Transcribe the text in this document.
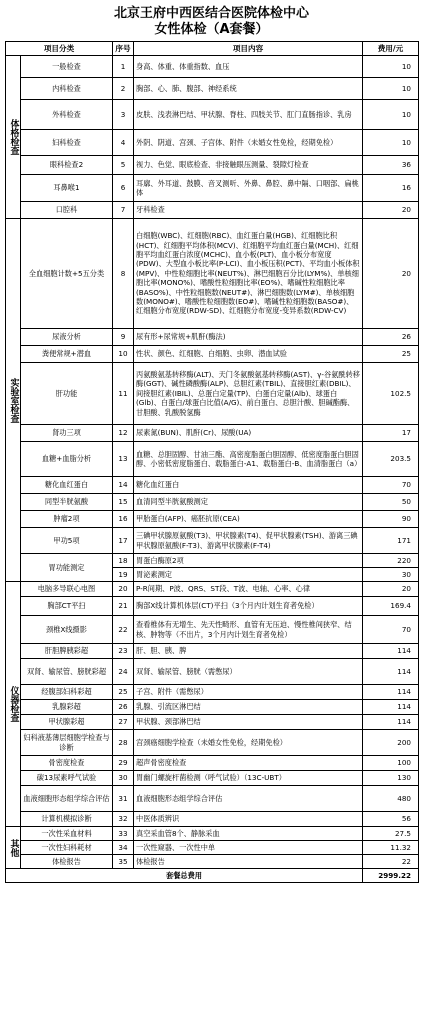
北京王府中西医结合医院体检中心
女性体检（A套餐）
项目分类		序号	项目内容	费用/元
体格检查	一般检查	1	身高、体重、体重指数、血压	10
	内科检查	2	胸部、心、肺、腹部、神经系统	10
	外科检查	3	皮肤、浅表淋巴结、甲状腺、脊柱、四肢关节、肛门直肠指诊、乳房	10
	妇科检查	4	外阴、阴道、宫颈、子宫体、附件（未婚女性免检，经期免检）	10
	眼科检查2	5	视力、色觉、眼底检查、非接触眼压测量、裂隙灯检查	36
	耳鼻喉1	6	耳廓、外耳道、鼓膜、音叉测听、外鼻、鼻腔、鼻中隔、口咽部、扁桃体	16
	口腔科	7	牙科检查	20
实验室检查	全血细胞计数+5五分类	8	白细胞(WBC)、红细胞(RBC)、血红蛋白量(HGB)、红细胞比积(HCT)、红细胞平均体积(MCV)、红细胞平均血红蛋白量(MCH)、红细胞平均血红蛋白浓度(MCHC)、血小板(PLT)、血小板分布宽度(PDW)、大型血小板比率(P-LCI)、血小板压积(PCT)、平均血小板体积(MPV)、中性粒细胞比率(NEUT%)、淋巴细胞百分比(LYM%)、单核细胞比率(MONO%)、嗜酸性粒细胞比率(EO%)、嗜碱性粒细胞比率(BASO%)、中性粒细胞数(NEUT#)、淋巴细胞数(LYM#)、单核细胞数(MONO#)、嗜酸性粒细胞数(EO#)、嗜碱性粒细胞数(BASO#)、红细胞分布宽度(RDW-SD)、红细胞分布宽度-变异系数(RDW-CV)	20
	尿液分析	9	尿有形+尿常规+肌酐(酶法)	26
	粪便常规+潜血	10	性状、颜色、红细胞、白细胞、虫卵、潜血试验	25
	肝功能	11	丙氨酸氨基转移酶(ALT)、天门冬氨酸氨基转移酶(AST)、γ-谷氨酰转移酶(GGT)、碱性磷酸酶(ALP)、总胆红素(TBIL)、直接胆红素(DBIL)、间接胆红素(IBIL)、总蛋白定量(TP)、白蛋白定量(Alb)、球蛋白(Glb)、白蛋白/球蛋白比值(A/G)、前白蛋白、总胆汁酸、胆碱酯酶、甘胆酸、乳酸脱氢酶	102.5
	肾功三项	12	尿素氮(BUN)、肌酐(Cr)、尿酸(UA)	17
	血糖+血脂分析	13	血糖、总胆固醇、甘油三酯、高密度脂蛋白胆固醇、低密度脂蛋白胆固醇、小密低密度脂蛋白、载脂蛋白-A1、载脂蛋白-B、血清脂蛋白（a）	203.5
	糖化血红蛋白	14	糖化血红蛋白	70
	同型半胱氨酸	15	血清同型半胱氨酸测定	50
	肿瘤2项	16	甲胎蛋白(AFP)、癌胚抗原(CEA)	90
	甲功5项	17	三碘甲状腺原氨酸(T3)、甲状腺素(T4)、促甲状腺素(TSH)、游离三碘甲状腺原氨酸(F-T3)、游离甲状腺素(F-T4)	171
	胃功能测定	18	胃蛋白酶原2项	220
		19	胃泌素测定	30
仪器检查	电脑多导联心电图	20	P-R间期、P波、QRS、ST段、T波、电轴、心率、心律	20
	胸部CT平扫	21	胸部X线计算机体层(CT)平扫（3个月内计划生育者免检）	169.4
	颈椎X线摄影	22	查看椎体有无增生、先天性畸形、血管有无压迫、慢性椎间狭窄、结核、肿物等（不出片，3个月内计划生育者免检）	70
	肝胆脾胰彩超	23	肝、胆、胰、脾	114
	双肾、输尿管、膀胱彩超	24	双肾、输尿管、膀胱（需憋尿）	114
	经腹部妇科彩超	25	子宫、附件（需憋尿）	114
	乳腺彩超	26	乳腺、引流区淋巴结	114
	甲状腺彩超	27	甲状腺、颈部淋巴结	114
	妇科液基薄层细胞学检查与诊断	28	宫颈癌细胞学检查（未婚女性免检，经期免检）	200
	骨密度检查	29	超声骨密度检查	100
	碳13尿素呼气试验	30	胃幽门螺旋杆菌检测（呼气试验）（13C-UBT）	130
	血液细胞形态组学综合评估	31	血液细胞形态组学综合评估	480
	计算机模拟诊断	32	中医体质辨识	56
其他	一次性采血材料	33	真空采血管8个、静脉采血	27.5
	一次性妇科耗材	34	一次性窥器、一次性中单	11.32
	体检报告	35	体检报告	22
套餐总费用				2999.22
